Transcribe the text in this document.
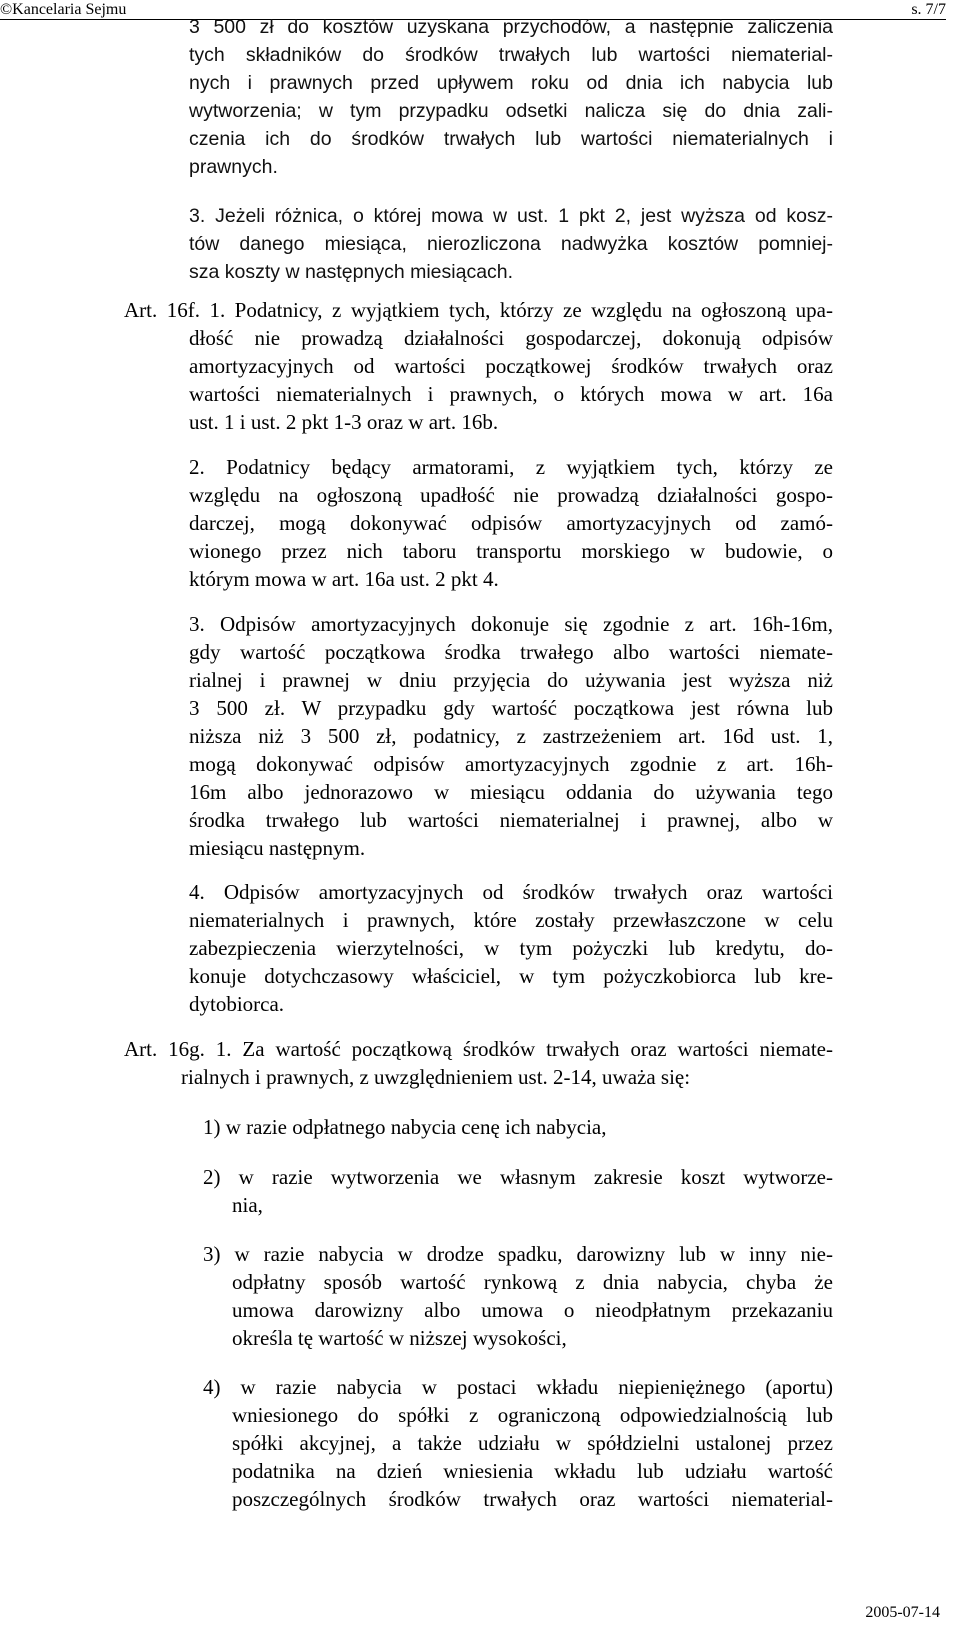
©Kancelaria Sejmu	s. 7/7
3 500 zł do kosztów uzyskana przychodów, a następnie zaliczenia
tych składników do środków trwałych lub wartości niematerial-
nych i prawnych przed upływem roku od dnia ich nabycia lub
wytworzenia; w tym przypadku odsetki nalicza się do dnia zali-
czenia ich do środków trwałych lub wartości niematerialnych i
prawnych.
3. Jeżeli różnica, o której mowa w ust. 1 pkt 2, jest wyższa od kosz-
tów danego miesiąca, nierozliczona nadwyżka kosztów pomniej-
sza koszty w następnych miesiącach.
Art. 16f. 1. Podatnicy, z wyjątkiem tych, którzy ze względu na ogłoszoną upa-
dłość nie prowadzą działalności gospodarczej, dokonują odpisów
amortyzacyjnych od wartości początkowej środków trwałych oraz
wartości niematerialnych i prawnych, o których mowa w art. 16a
ust. 1 i ust. 2 pkt 1-3 oraz w art. 16b.
2. Podatnicy będący armatorami, z wyjątkiem tych, którzy ze
względu na ogłoszoną upadłość nie prowadzą działalności gospo-
darczej, mogą dokonywać odpisów amortyzacyjnych od zamó-
wionego przez nich taboru transportu morskiego w budowie, o
którym mowa w art. 16a ust. 2 pkt 4.
3. Odpisów amortyzacyjnych dokonuje się zgodnie z art. 16h-16m,
gdy wartość początkowa środka trwałego albo wartości niemate-
rialnej i prawnej w dniu przyjęcia do używania jest wyższa niż
3 500 zł. W przypadku gdy wartość początkowa jest równa lub
niższa niż 3 500 zł, podatnicy, z zastrzeżeniem art. 16d ust. 1,
mogą dokonywać odpisów amortyzacyjnych zgodnie z art. 16h-
16m albo jednorazowo w miesiącu oddania do używania tego
środka trwałego lub wartości niematerialnej i prawnej, albo w
miesiącu następnym.
4. Odpisów amortyzacyjnych od środków trwałych oraz wartości
niematerialnych i prawnych, które zostały przewłaszczone w celu
zabezpieczenia wierzytelności, w tym pożyczki lub kredytu, do-
konuje dotychczasowy właściciel, w tym pożyczkobiorca lub kre-
dytobiorca.
Art. 16g. 1. Za wartość początkową środków trwałych oraz wartości niemate-
rialnych i prawnych, z uwzględnieniem ust. 2-14, uważa się:
1) w razie odpłatnego nabycia cenę ich nabycia,
2) w razie wytworzenia we własnym zakresie koszt wytworze-
nia,
3) w razie nabycia w drodze spadku, darowizny lub w inny nie-
odpłatny sposób wartość rynkową z dnia nabycia, chyba że
umowa darowizny albo umowa o nieodpłatnym przekazaniu
określa tę wartość w niższej wysokości,
4) w razie nabycia w postaci wkładu niepieniężnego (aportu)
wniesionego do spółki z ograniczoną odpowiedzialnością lub
spółki akcyjnej, a także udziału w spółdzielni ustalonej przez
podatnika na dzień wniesienia wkładu lub udziału wartość
poszczególnych środków trwałych oraz wartości niematerial-
2005-07-14
